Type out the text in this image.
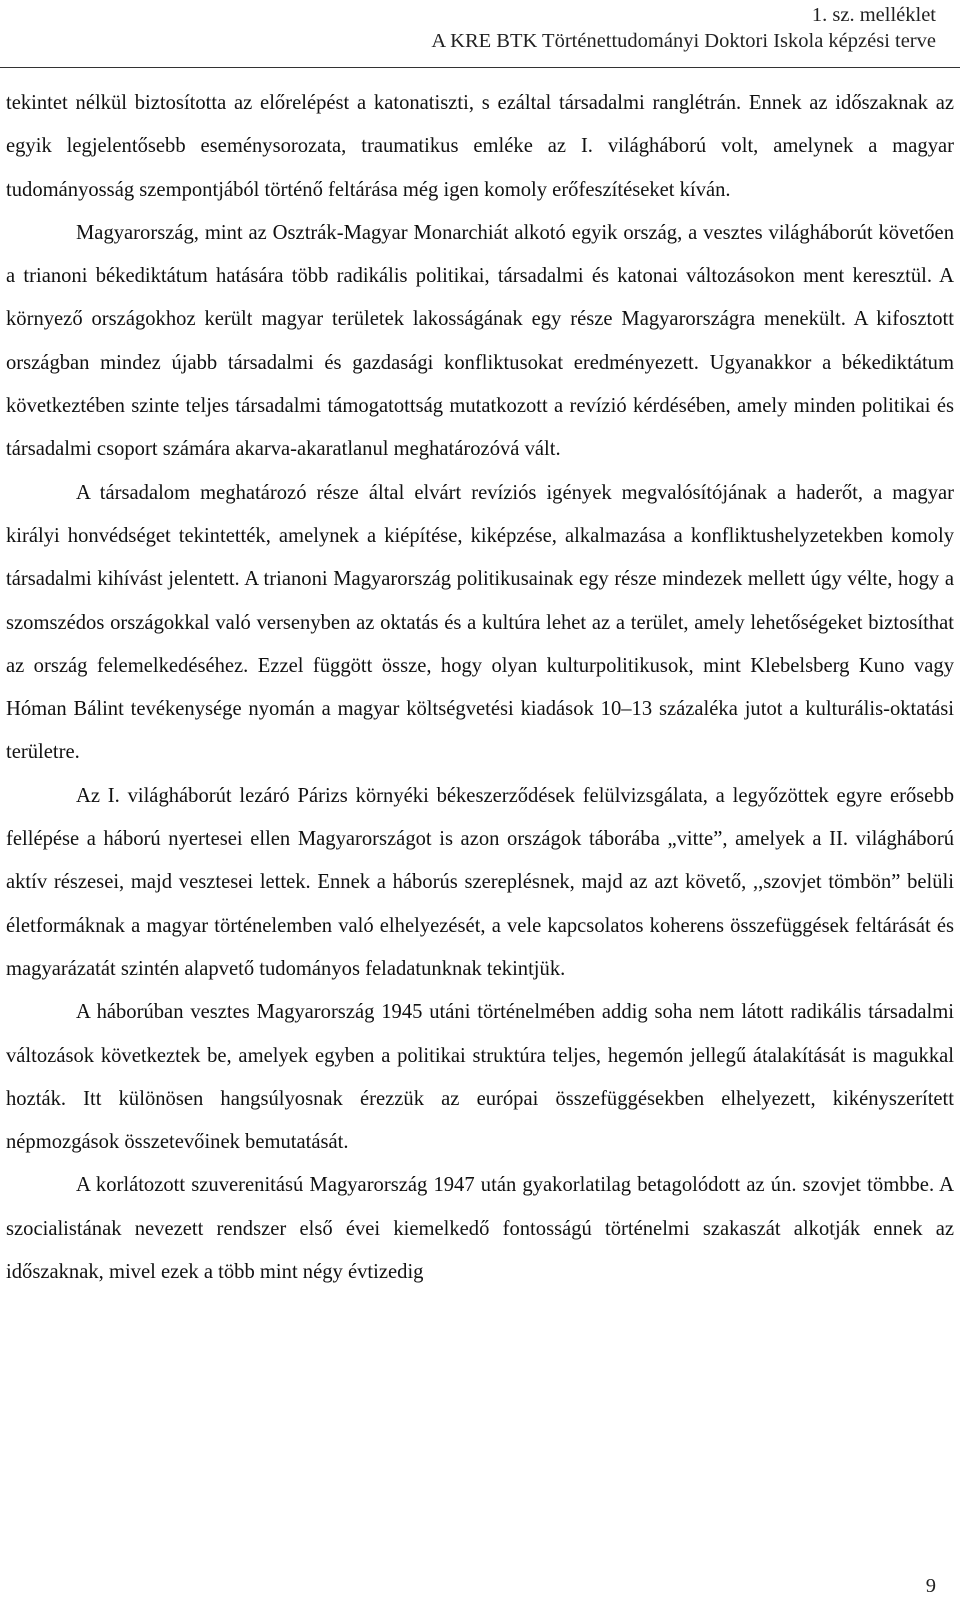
1. sz. melléklet
A KRE BTK Történettudományi Doktori Iskola képzési terve

tekintet nélkül biztosította az előrelépést a katonatiszti, s ezáltal társadalmi ranglétrán. Ennek az időszaknak az egyik legjelentősebb eseménysorozata, traumatikus emléke az I. világháború volt, amelynek a magyar tudományosság szempontjából történő feltárása még igen komoly erőfeszítéseket kíván.

Magyarország, mint az Osztrák-Magyar Monarchiát alkotó egyik ország, a vesztes világháborút követően a trianoni békediktátum hatására több radikális politikai, társadalmi és katonai változásokon ment keresztül. A környező országokhoz került magyar területek lakosságának egy része Magyarországra menekült. A kifosztott országban mindez újabb társadalmi és gazdasági konfliktusokat eredményezett. Ugyanakkor a békediktátum következtében szinte teljes társadalmi támogatottság mutatkozott a revízió kérdésében, amely minden politikai és társadalmi csoport számára akarva-akaratlanul meghatározóvá vált.

A társadalom meghatározó része által elvárt revíziós igények megvalósítójának a haderőt, a magyar királyi honvédséget tekintették, amelynek a kiépítése, kiképzése, alkalmazása a konfliktushelyzetekben komoly társadalmi kihívást jelentett. A trianoni Magyarország politikusainak egy része mindezek mellett úgy vélte, hogy a szomszédos országokkal való versenyben az oktatás és a kultúra lehet az a terület, amely lehetőségeket biztosíthat az ország felemelkedéséhez. Ezzel függött össze, hogy olyan kulturpolitikusok, mint Klebelsberg Kuno vagy Hóman Bálint tevékenysége nyomán a magyar költségvetési kiadások 10–13 százaléka jutot a kulturális-oktatási területre.

Az I. világháborút lezáró Párizs környéki békeszerződések felülvizsgálata, a legyőzöttek egyre erősebb fellépése a háború nyertesei ellen Magyarországot is azon országok táborába „vitte”, amelyek a II. világháború aktív részesei, majd vesztesei lettek. Ennek a háborús szereplésnek, majd az azt követő, ,,szovjet tömbön” belüli életformáknak a magyar történelemben való elhelyezését, a vele kapcsolatos koherens összefüggések feltárását és magyarázatát szintén alapvető tudományos feladatunknak tekintjük.

A háborúban vesztes Magyarország 1945 utáni történelmében addig soha nem látott radikális társadalmi változások következtek be, amelyek egyben a politikai struktúra teljes, hegemón jellegű átalakítását is magukkal hozták. Itt különösen hangsúlyosnak érezzük az európai összefüggésekben elhelyezett, kikényszerített népmozgások összetevőinek bemutatását.

A korlátozott szuverenitású Magyarország 1947 után gyakorlatilag betagolódott az ún. szovjet tömbbe. A szocialistának nevezett rendszer első évei kiemelkedő fontosságú történelmi szakaszát alkotják ennek az időszaknak, mivel ezek a több mint négy évtizedig

9
